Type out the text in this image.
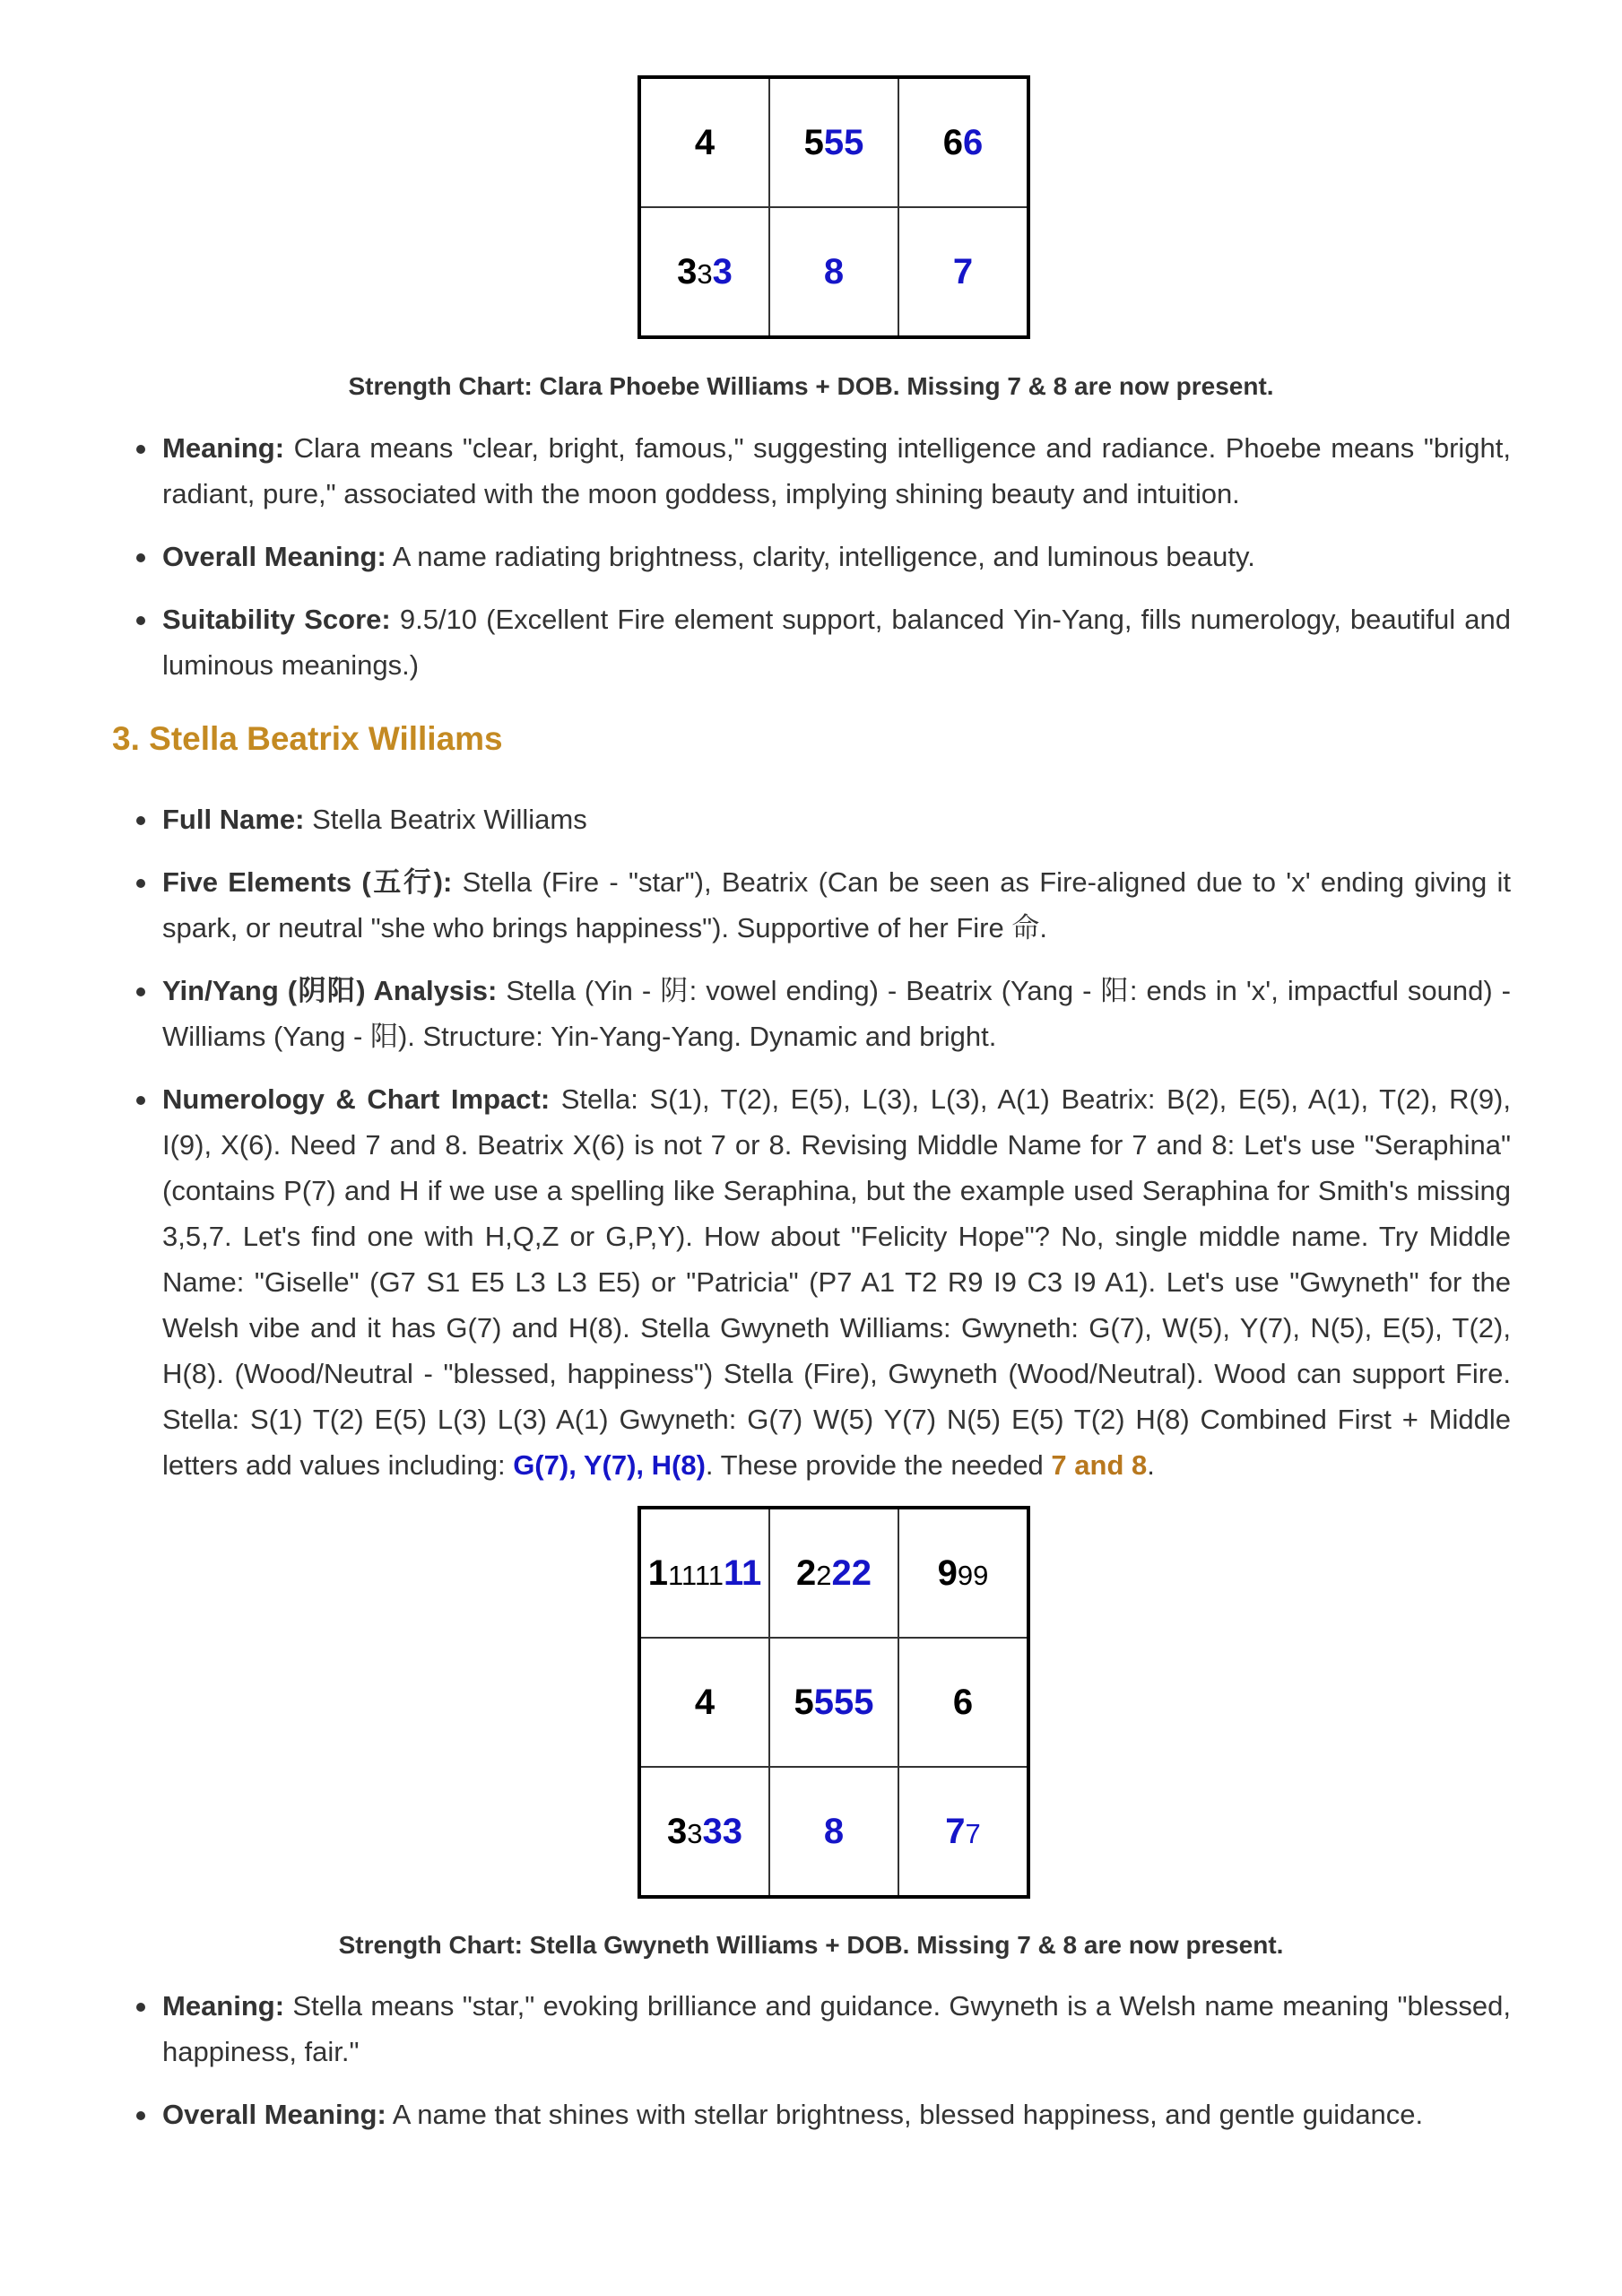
4	555	66
333	8	7
Strength Chart: Clara Phoebe Williams + DOB. Missing 7 & 8 are now present.
Meaning: Clara means "clear, bright, famous," suggesting intelligence and radiance. Phoebe means "bright, radiant, pure," associated with the moon goddess, implying shining beauty and intuition.
Overall Meaning: A name radiating brightness, clarity, intelligence, and luminous beauty.
Suitability Score: 9.5/10 (Excellent Fire element support, balanced Yin-Yang, fills numerology, beautiful and luminous meanings.)
3. Stella Beatrix Williams
Full Name: Stella Beatrix Williams
Five Elements (五行): Stella (Fire - "star"), Beatrix (Can be seen as Fire-aligned due to 'x' ending giving it spark, or neutral "she who brings happiness"). Supportive of her Fire 命.
Yin/Yang (阴阳) Analysis: Stella (Yin - 阴: vowel ending) - Beatrix (Yang - 阳: ends in 'x', impactful sound) - Williams (Yang - 阳). Structure: Yin-Yang-Yang. Dynamic and bright.
Numerology & Chart Impact: Stella: S(1), T(2), E(5), L(3), L(3), A(1) Beatrix: B(2), E(5), A(1), T(2), R(9), I(9), X(6). Need 7 and 8. Beatrix X(6) is not 7 or 8. Revising Middle Name for 7 and 8: Let's use "Seraphina" (contains P(7) and H if we use a spelling like Seraphina, but the example used Seraphina for Smith's missing 3,5,7. Let's find one with H,Q,Z or G,P,Y). How about "Felicity Hope"? No, single middle name. Try Middle Name: "Giselle" (G7 S1 E5 L3 L3 E5) or "Patricia" (P7 A1 T2 R9 I9 C3 I9 A1). Let's use "Gwyneth" for the Welsh vibe and it has G(7) and H(8). Stella Gwyneth Williams: Gwyneth: G(7), W(5), Y(7), N(5), E(5), T(2), H(8). (Wood/Neutral - "blessed, happiness") Stella (Fire), Gwyneth (Wood/Neutral). Wood can support Fire. Stella: S(1) T(2) E(5) L(3) L(3) A(1) Gwyneth: G(7) W(5) Y(7) N(5) E(5) T(2) H(8) Combined First + Middle letters add values including: G(7), Y(7), H(8). These provide the needed 7 and 8.
1111111	2222	999
4	5555	6
3333	8	77
Strength Chart: Stella Gwyneth Williams + DOB. Missing 7 & 8 are now present.
Meaning: Stella means "star," evoking brilliance and guidance. Gwyneth is a Welsh name meaning "blessed, happiness, fair."
Overall Meaning: A name that shines with stellar brightness, blessed happiness, and gentle guidance.
